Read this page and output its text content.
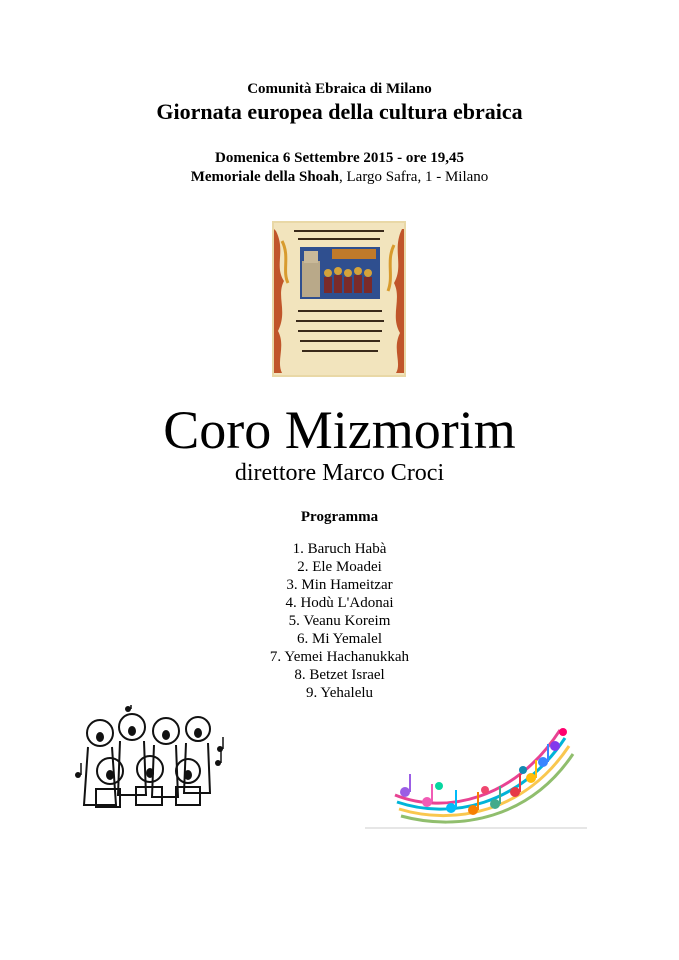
Comunità Ebraica di Milano
Giornata europea della cultura ebraica
Domenica 6 Settembre 2015 - ore 19,45
Memoriale della Shoah, Largo Safra, 1 - Milano
Coro Mizmorim
direttore Marco Croci
Programma
1. Baruch Habà
2. Ele Moadei
3. Min Hameitzar
4. Hodù L'Adonai
5. Veanu Koreim
6. Mi Yemalel
7. Yemei Hachanukkah
8. Betzet Israel
9. Yehalelu
